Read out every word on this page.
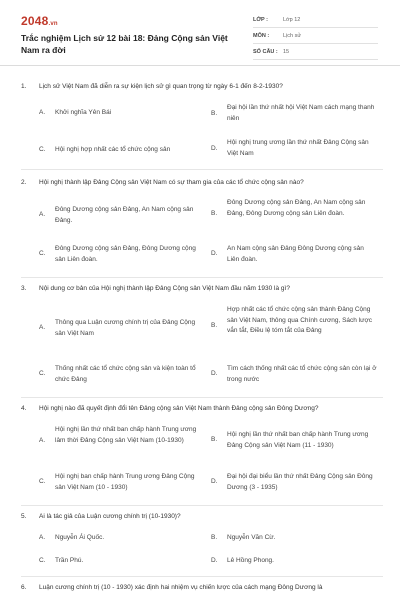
2048.vn
Trắc nghiệm Lịch sử 12 bài 18: Đảng Cộng sản Việt Nam ra đời
LỚP :	Lớp 12
MÔN :	Lịch sử
SỐ CÂU : 15
1. Lịch sử Việt Nam đã diễn ra sự kiện lịch sử gì quan trọng từ ngày 6-1 đến 8-2-1930?
A. Khởi nghĩa Yên Bái	B.
Đại hội lần thứ nhất hội Việt Nam cách mạng thanh niên
C. Hội nghị hợp nhất các tổ chức cộng sản	D.
Hội nghị trung ương lần thứ nhất Đảng Cộng sản Việt Nam
2. Hội nghị thành lập Đảng Cộng sản Việt Nam có sự tham gia của các tổ chức cộng sản nào?
A.
Đông Dương cộng sản Đảng, An Nam cộng sản Đảng.
B.
Đông Dương cộng sản Đảng, An Nam cộng sản Đảng, Đông Dương cộng sản Liên đoàn.
C.
Đông Dương cộng sản Đảng, Đông Dương cộng sản Liên đoàn.
D.
An Nam cộng sản Đảng Đông Dương cộng sản Liên đoàn.
3. Nội dung cơ bản của Hội nghị thành lập Đảng Cộng sản Việt Nam đầu năm 1930 là gì?
A.
Thông qua Luận cương chính trị của Đảng Cộng sản Việt Nam
B.
Hợp nhất các tổ chức cộng sản thành Đảng Cộng sản Việt Nam, thông qua Chính cương, Sách lược vắn tắt, Điều lệ tóm tắt của Đảng
C.
Thống nhất các tổ chức cộng sản và kiện toàn tổ chức Đảng
D.
Tìm cách thống nhất các tổ chức cộng sản còn lại ở trong nước
4. Hội nghị nào đã quyết định đổi tên Đảng cộng sản Việt Nam thành Đảng cộng sản Đông Dương?
A.
Hội nghị lần thứ nhất ban chấp hành Trung ương lâm thời Đảng Cộng sản Việt Nam (10-1930)	B.
Hội nghị lần thứ nhất ban chấp hành Trung ương Đảng Cộng sản Việt Nam (11 - 1930)
C.
Hội nghị ban chấp hành Trung ương Đảng Cộng sản Việt Nam (10 - 1930)
D.
Đại hội đại biểu lần thứ nhất Đảng Cộng sản Đông Dương (3 - 1935)
5. Ai là tác giả của Luận cương chính trị (10-1930)?
A. Nguyễn Ái Quốc.	B. Nguyễn Văn Cừ.
C. Trần Phú.	D. Lê Hồng Phong.
6. Luận cương chính trị (10 - 1930) xác định hai nhiệm vụ chiến lược của cách mạng Đông Dương là
